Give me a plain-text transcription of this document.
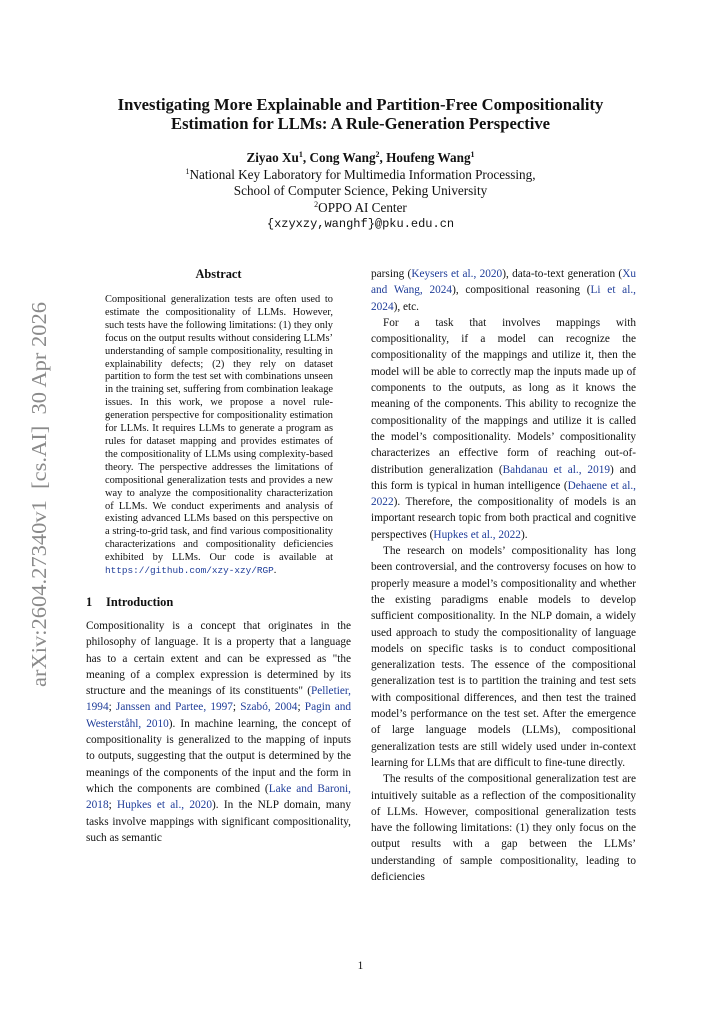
arXiv:2604.27340v1  [cs.AI]  30 Apr 2026
Investigating More Explainable and Partition-Free Compositionality
Estimation for LLMs: A Rule-Generation Perspective
Ziyao Xu$^1$, Cong Wang$^2$, Houfeng Wang$^1$
$^1$National Key Laboratory for Multimedia Information Processing,
School of Computer Science, Peking University
$^2$OPPO AI Center
{xzyxzy,wanghf}@pku.edu.cn
Abstract

Compositional generalization tests are often used to estimate the compositionality of LLMs. However, such tests have the following limitations: (1) they only focus on the output results without considering LLMs’ understanding of sample compositionality, resulting in explainability defects; (2) they rely on dataset partition to form the test set with combinations unseen in the training set, suffering from combination leakage issues. In this work, we propose a novel rule-generation perspective for compositionality estimation for LLMs. It requires LLMs to generate a program as rules for dataset mapping and provides estimates of the compositionality of LLMs using complexity-based theory. The perspective addresses the limitations of compositional generalization tests and provides a new way to analyze the compositionality characterization of LLMs. We conduct experiments and analysis of existing advanced LLMs based on this perspective on a string-to-grid task, and find various compositionality characterizations and compositionality deficiencies exhibited by LLMs. Our code is available at https://github.com/xzy-xzy/RGP.

1 Introduction

Compositionality is a concept that originates in the philosophy of language. It is a property that a language has to a certain extent and can be expressed as "the meaning of a complex expression is determined by its structure and the meanings of its constituents" (Pelletier, 1994; Janssen and Partee, 1997; Szabó, 2004; Pagin and Westerståhl, 2010). In machine learning, the concept of compositionality is generalized to the mapping of inputs to outputs, suggesting that the output is determined by the meanings of the components of the input and the form in which the components are combined (Lake and Baroni, 2018; Hupkes et al., 2020). In the NLP domain, many tasks involve mappings with significant compositionality, such as semantic

parsing (Keysers et al., 2020), data-to-text generation (Xu and Wang, 2024), compositional reasoning (Li et al., 2024), etc.

For a task that involves mappings with compositionality, if a model can recognize the compositionality of the mappings and utilize it, then the model will be able to correctly map the inputs made up of components to the outputs, as long as it knows the meaning of the components. This ability to recognize the compositionality of the mappings and utilize it is called the model’s compositionality. Models’ compositionality characterizes an effective form of reaching out-of-distribution generalization (Bahdanau et al., 2019) and this form is typical in human intelligence (Dehaene et al., 2022). Therefore, the compositionality of models is an important research topic from both practical and cognitive perspectives (Hupkes et al., 2022).

The research on models’ compositionality has long been controversial, and the controversy focuses on how to properly measure a model’s compositionality and whether the existing paradigms enable models to develop sufficient compositionality. In the NLP domain, a widely used approach to study the compositionality of language models on specific tasks is to conduct compositional generalization tests. The essence of the compositional generalization test is to partition the training and test sets with compositional differences, and then test the trained model’s performance on the test set. After the emergence of large language models (LLMs), compositional generalization tests are still widely used under in-context learning for LLMs that are difficult to fine-tune directly.

The results of the compositional generalization test are intuitively suitable as a reflection of the compositionality of LLMs. However, compositional generalization tests have the following limitations: (1) they only focus on the output results with a gap between the LLMs’ understanding of sample compositionality, leading to deficiencies

1
